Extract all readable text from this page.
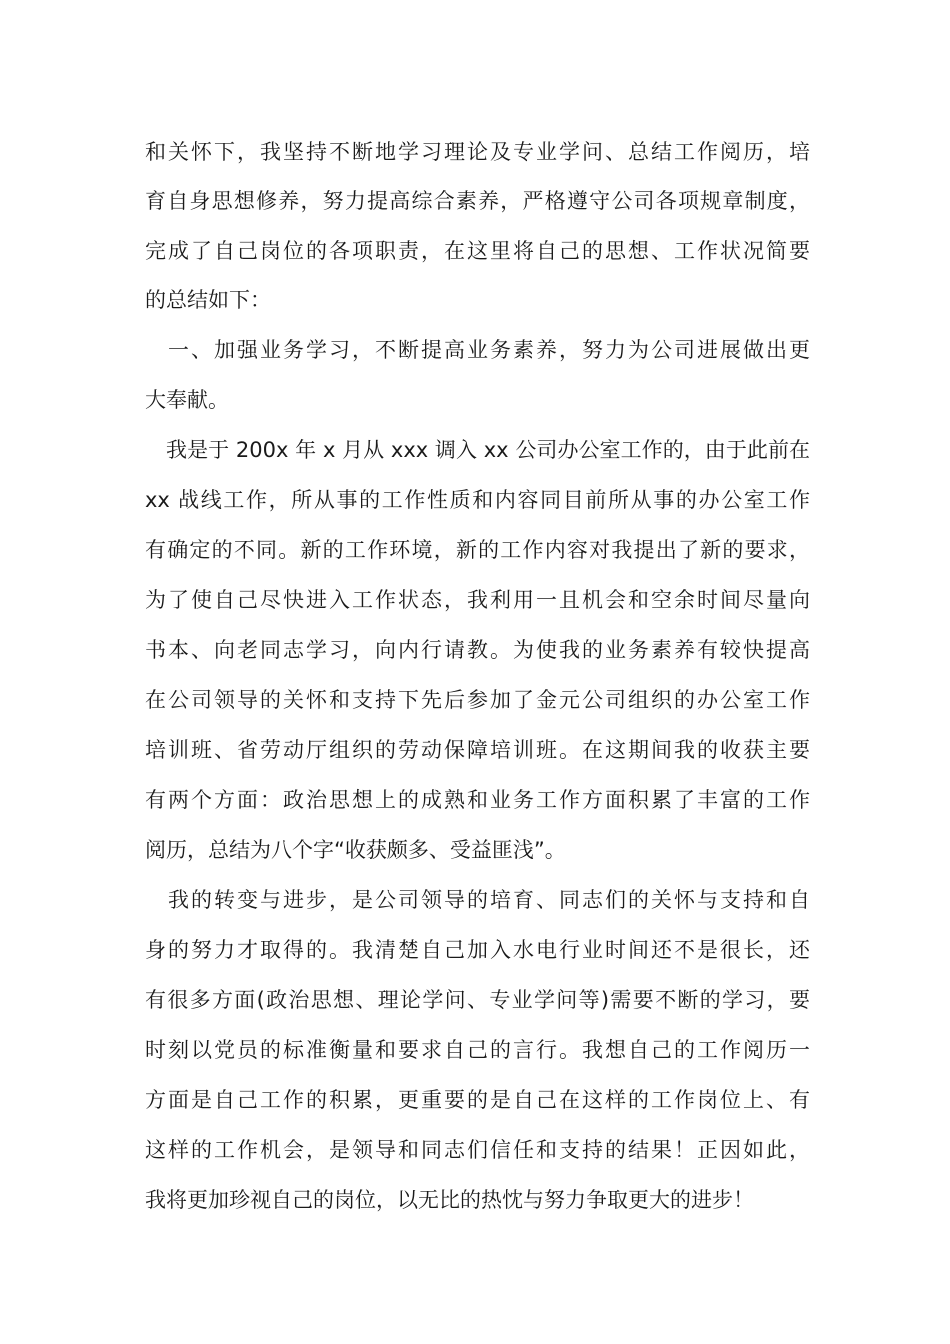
和关怀下，我坚持不断地学习理论及专业学问、总结工作阅历，培
育自身思想修养，努力提高综合素养，严格遵守公司各项规章制度，
完成了自己岗位的各项职责，在这里将自己的思想、工作状况简要
的总结如下：
　一、加强业务学习，不断提高业务素养，努力为公司进展做出更
大奉献。
　我是于 200x 年 x 月从 xxx 调入 xx 公司办公室工作的，由于此前在
xx 战线工作，所从事的工作性质和内容同目前所从事的办公室工作
有确定的不同。新的工作环境，新的工作内容对我提出了新的要求，
为了使自己尽快进入工作状态，我利用一且机会和空余时间尽量向
书本、向老同志学习，向内行请教。为使我的业务素养有较快提高
在公司领导的关怀和支持下先后参加了金元公司组织的办公室工作
培训班、省劳动厅组织的劳动保障培训班。在这期间我的收获主要
有两个方面：政治思想上的成熟和业务工作方面积累了丰富的工作
阅历，总结为八个字“收获颇多、受益匪浅”。
　我的转变与进步，是公司领导的培育、同志们的关怀与支持和自
身的努力才取得的。我清楚自己加入水电行业时间还不是很长，还
有很多方面(政治思想、理论学问、专业学问等)需要不断的学习，要
时刻以党员的标准衡量和要求自己的言行。我想自己的工作阅历一
方面是自己工作的积累，更重要的是自己在这样的工作岗位上、有
这样的工作机会，是领导和同志们信任和支持的结果！正因如此，
我将更加珍视自己的岗位，以无比的热忱与努力争取更大的进步！
